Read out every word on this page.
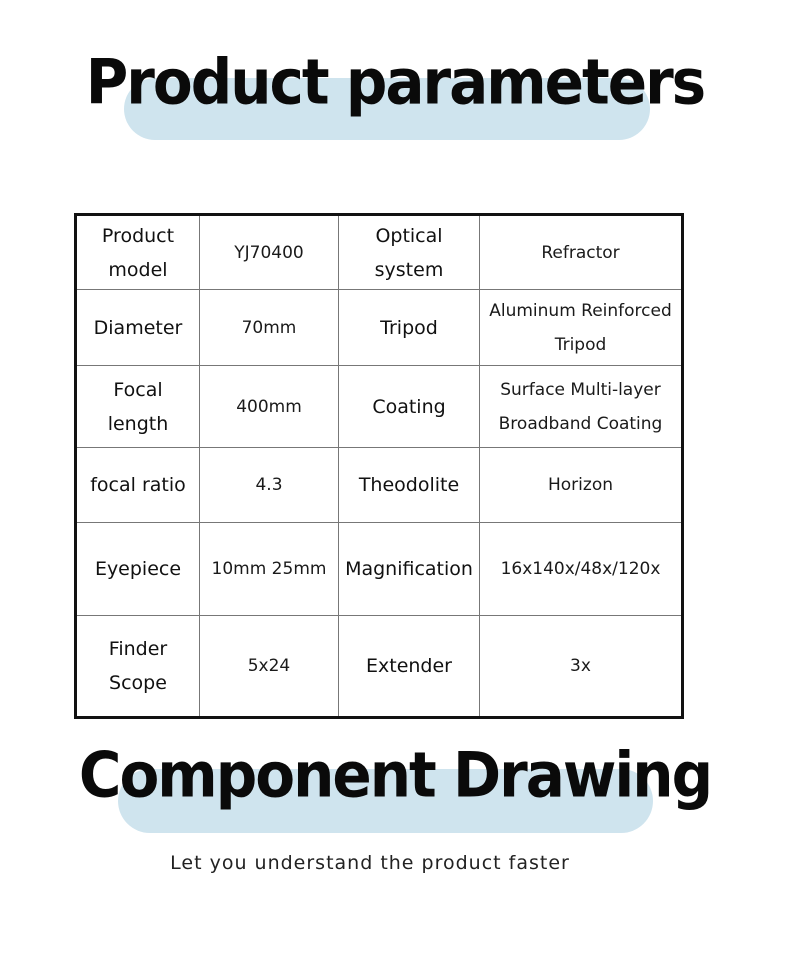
Product parameters
Product model	YJ70400	Optical system	Refractor
Diameter	70mm	Tripod	Aluminum Reinforced Tripod
Focal length	400mm	Coating	Surface Multi-layer Broadband Coating
focal ratio	4.3	Theodolite	Horizon
Eyepiece	10mm 25mm	Magnification	16x140x/48x/120x
Finder Scope	5x24	Extender	3x
Component Drawing
Let you understand the product faster
